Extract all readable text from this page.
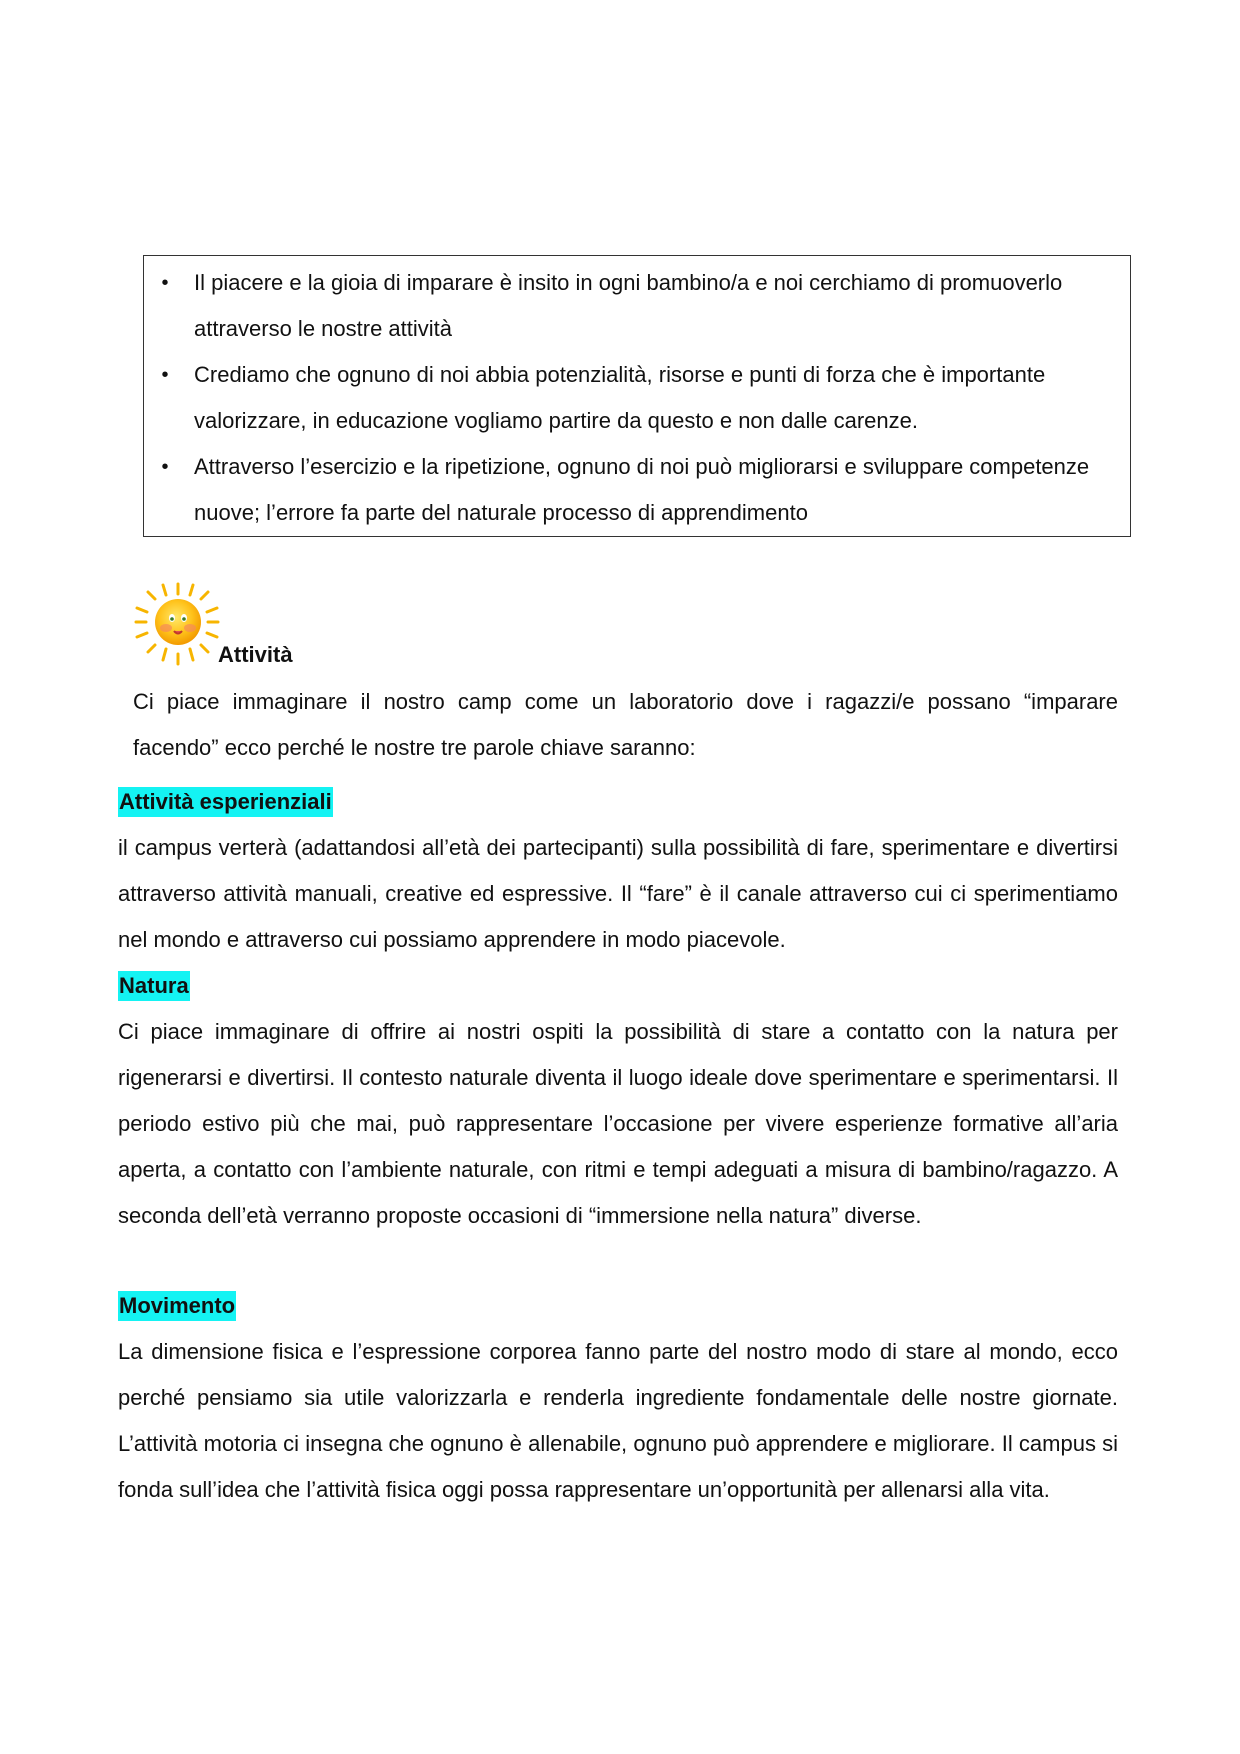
• Il piacere e la gioia di imparare è insito in ogni bambino/a e noi cerchiamo di promuoverlo attraverso le nostre attività
• Crediamo che ognuno di noi abbia potenzialità, risorse e punti di forza che è importante valorizzare, in educazione vogliamo partire da questo e non dalle carenze.
• Attraverso l’esercizio e la ripetizione, ognuno di noi può migliorarsi e sviluppare competenze nuove; l’errore fa parte del naturale processo di apprendimento
Attività
Ci piace immaginare il nostro camp come un laboratorio dove i ragazzi/e possano “imparare facendo” ecco perché le nostre tre parole chiave saranno:
Attività esperienziali
il campus verterà (adattandosi all’età dei partecipanti) sulla possibilità di fare, sperimentare e divertirsi attraverso attività manuali, creative ed espressive. Il “fare” è il canale attraverso cui ci sperimentiamo nel mondo e attraverso cui possiamo apprendere in modo piacevole.
Natura
Ci piace immaginare di offrire ai nostri ospiti la possibilità di stare a contatto con la natura per rigenerarsi e divertirsi. Il contesto naturale diventa il luogo ideale dove sperimentare e sperimentarsi. Il periodo estivo più che mai, può rappresentare l’occasione per vivere esperienze formative all’aria aperta, a contatto con l’ambiente naturale, con ritmi e tempi adeguati a misura di bambino/ragazzo. A seconda dell’età verranno proposte occasioni di “immersione nella natura” diverse.
Movimento
La dimensione fisica e l’espressione corporea fanno parte del nostro modo di stare al mondo, ecco perché pensiamo sia utile valorizzarla e renderla ingrediente fondamentale delle nostre giornate. L’attività motoria ci insegna che ognuno è allenabile, ognuno può apprendere e migliorare. Il campus si fonda sull’idea che l’attività fisica oggi possa rappresentare un’opportunità per allenarsi alla vita.
